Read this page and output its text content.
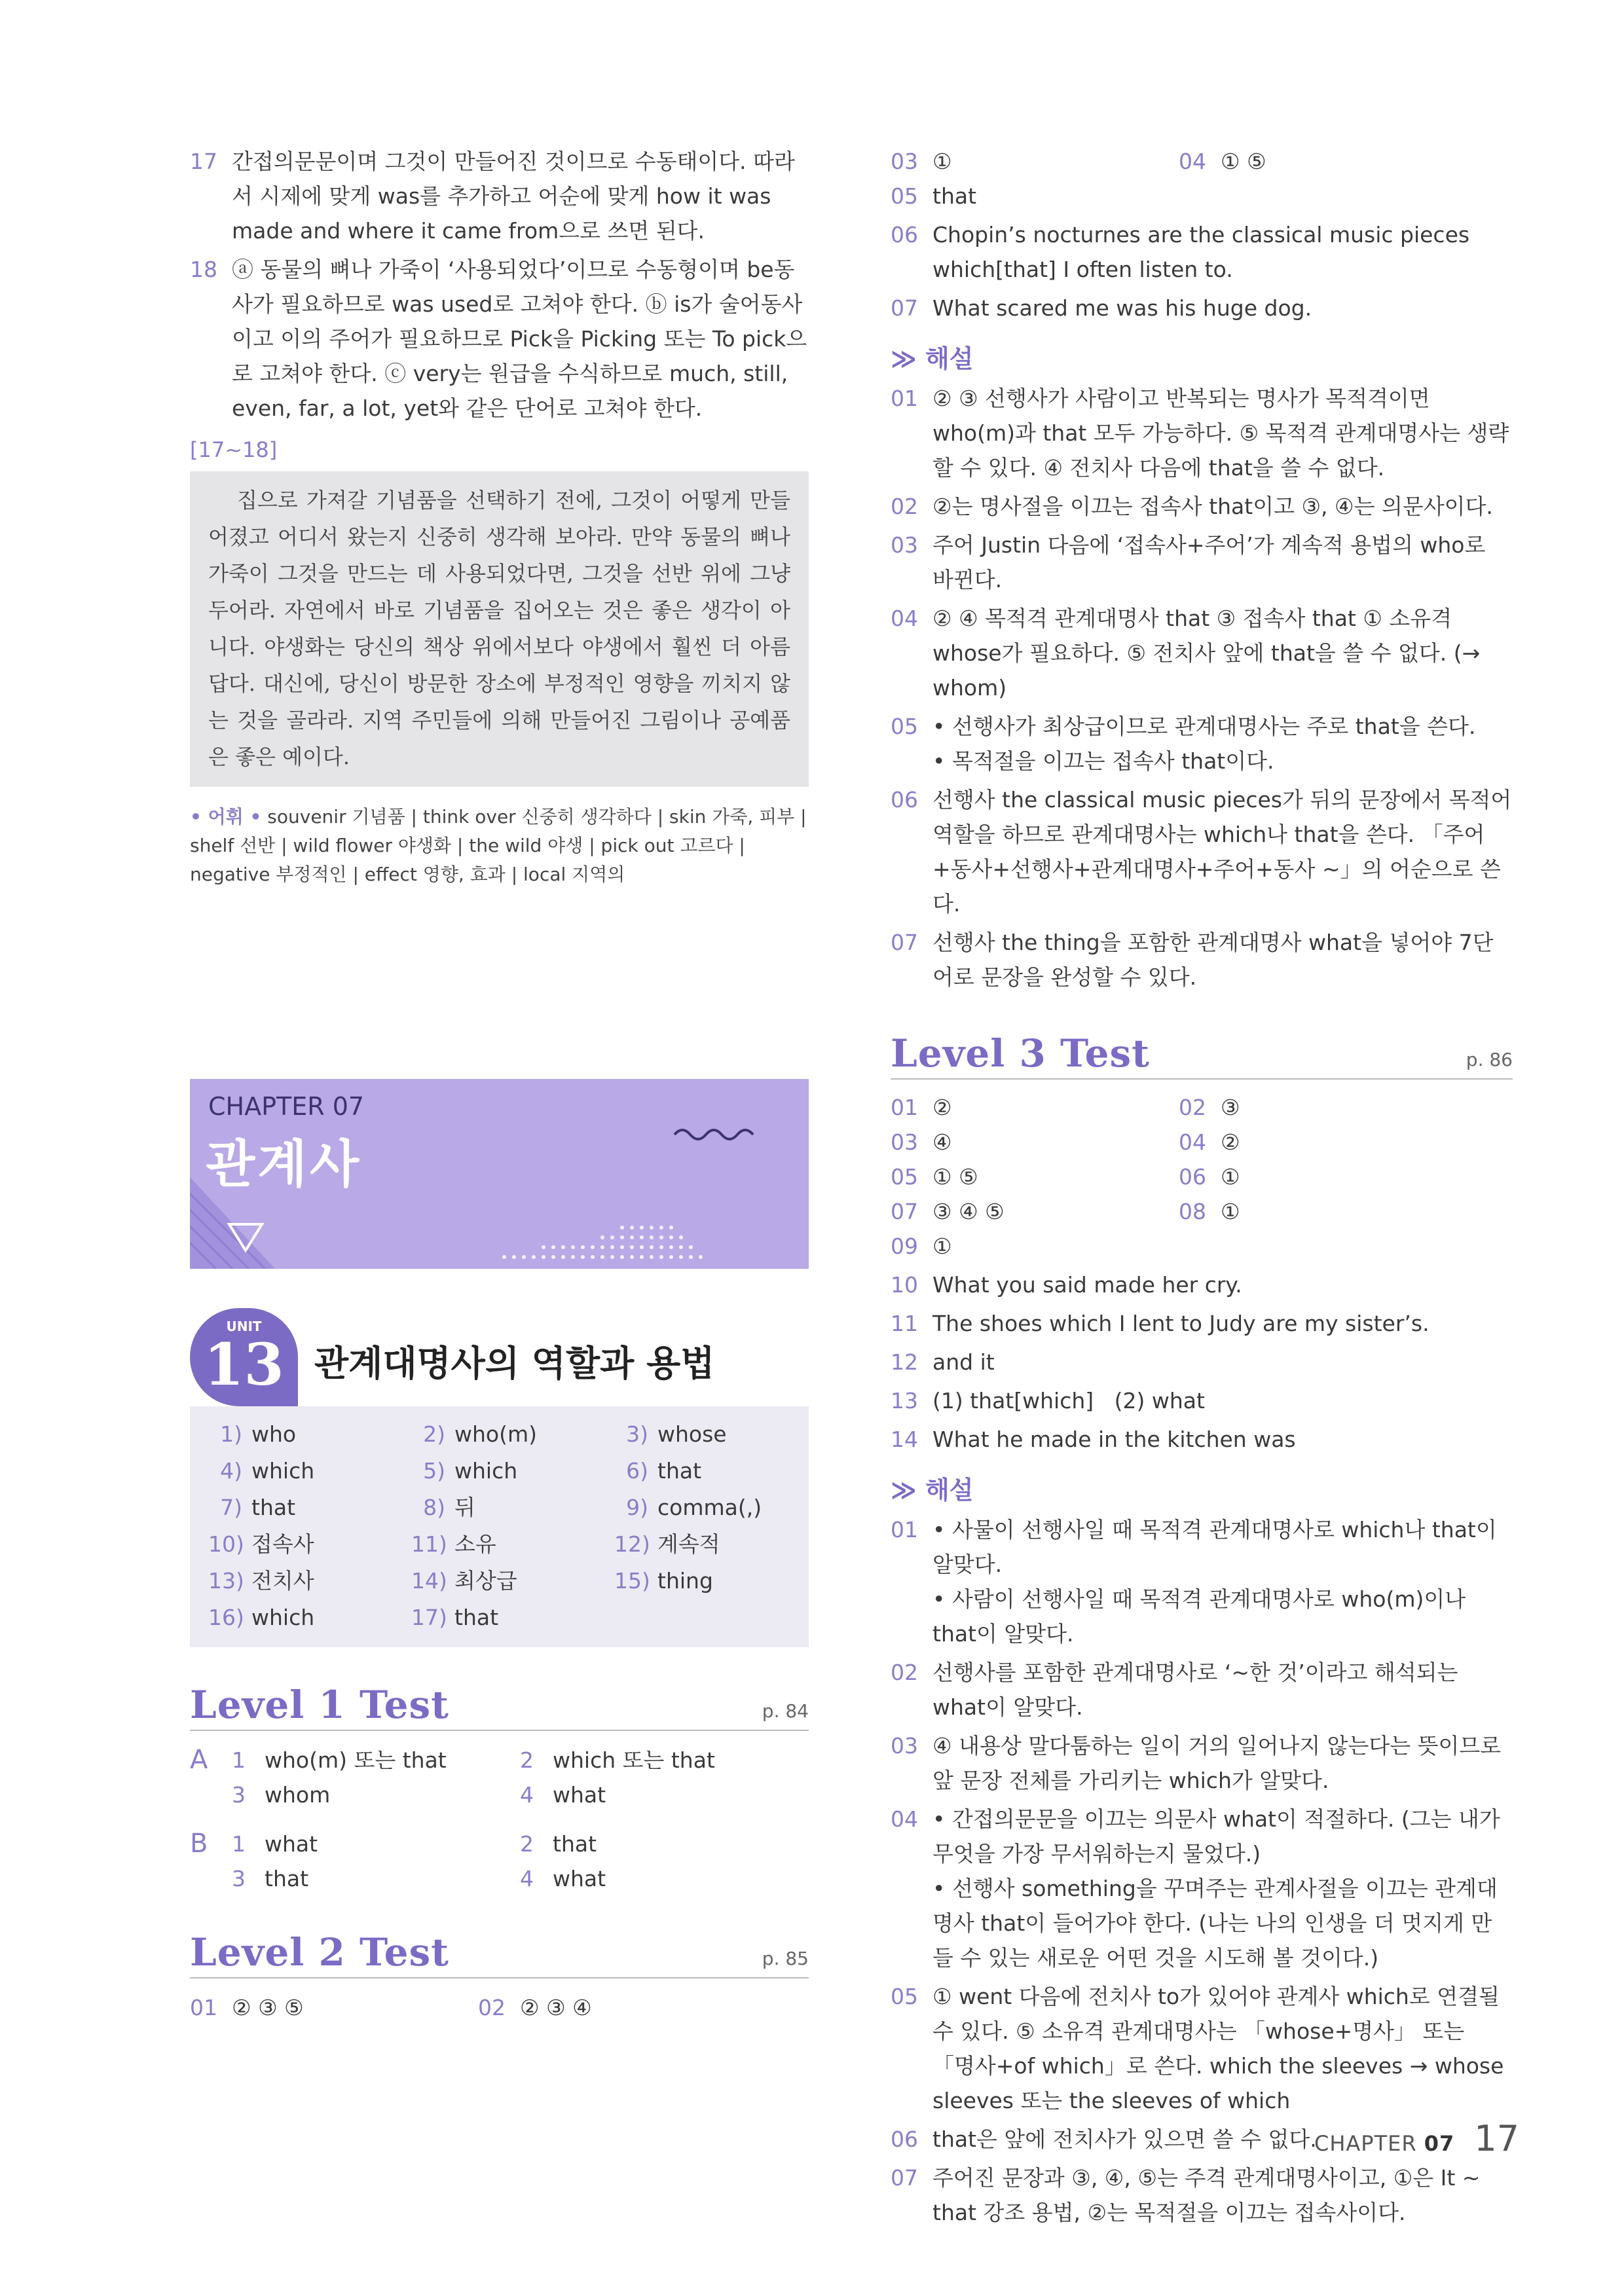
17 간접의문문이며 그것이 만들어진 것이므로 수동태이다. 따라서 시제에 맞게 was를 추가하고 어순에 맞게 how it was made and where it came from으로 쓰면 된다.
18 ⓐ 동물의 뼈나 가죽이 ‘사용되었다’이므로 수동형이며 be동사가 필요하므로 was used로 고쳐야 한다. ⓑ is가 술어동사이고 이의 주어가 필요하므로 Pick을 Picking 또는 To pick으로 고쳐야 한다. ⓒ very는 원급을 수식하므로 much, still, even, far, a lot, yet와 같은 단어로 고쳐야 한다.
[17~18]
집으로 가져갈 기념품을 선택하기 전에, 그것이 어떻게 만들어졌고 어디서 왔는지 신중히 생각해 보아라. 만약 동물의 뼈나 가죽이 그것을 만드는 데 사용되었다면, 그것을 선반 위에 그냥 두어라. 자연에서 바로 기념품을 집어오는 것은 좋은 생각이 아니다. 야생화는 당신의 책상 위에서보다 야생에서 훨씬 더 아름답다. 대신에, 당신이 방문한 장소에 부정적인 영향을 끼치지 않는 것을 골라라. 지역 주민들에 의해 만들어진 그림이나 공예품은 좋은 예이다.
• 어휘 • souvenir 기념품 | think over 신중히 생각하다 | skin 가죽, 피부 | shelf 선반 | wild flower 야생화 | the wild 야생 | pick out 고르다 | negative 부정적인 | effect 영향, 효과 | local 지역의
CHAPTER 07
관계사
UNIT
13 관계대명사의 역할과 용법
1) who	2) who(m)	3) whose
4) which	5) which	6) that
7) that	8) 뒤	9) comma(,)
10) 접속사	11) 소유	12) 계속적
13) 전치사	14) 최상급	15) thing
16) which	17) that
Level 1 Test	p. 84
A	1 who(m) 또는 that	2 which 또는 that
3 whom	4 what
B	1 what	2 that
3 that	4 what
Level 2 Test	p. 85
01 ② ③ ⑤	02 ② ③ ④
03 ①	04 ① ⑤
05 that
06 Chopin’s nocturnes are the classical music pieces which[that] I often listen to.
07 What scared me was his huge dog.
≫ 해설
01 ② ③ 선행사가 사람이고 반복되는 명사가 목적격이면 who(m)과 that 모두 가능하다. ⑤ 목적격 관계대명사는 생략할 수 있다. ④ 전치사 다음에 that을 쓸 수 없다.
02 ②는 명사절을 이끄는 접속사 that이고 ③, ④는 의문사이다.
03 주어 Justin 다음에 ‘접속사+주어’가 계속적 용법의 who로 바뀐다.
04 ② ④ 목적격 관계대명사 that ③ 접속사 that ① 소유격 whose가 필요하다. ⑤ 전치사 앞에 that을 쓸 수 없다. (→ whom)
05	• 선행사가 최상급이므로 관계대명사는 주로 that을 쓴다.
• 목적절을 이끄는 접속사 that이다.
06 선행사 the classical music pieces가 뒤의 문장에서 목적어 역할을 하므로 관계대명사는 which나 that을 쓴다. 「주어+동사+선행사+관계대명사+주어+동사 ~」의 어순으로 쓴다.
07 선행사 the thing을 포함한 관계대명사 what을 넣어야 7단어로 문장을 완성할 수 있다.
Level 3 Test	p. 86
01 ②	02 ③
03 ④	04 ②
05 ① ⑤	06 ①
07 ③ ④ ⑤	08 ①
09 ①
10 What you said made her cry.
11 The shoes which I lent to Judy are my sister’s.
12 and it
13 (1) that[which]   (2) what
14 What he made in the kitchen was
≫ 해설
01	• 사물이 선행사일 때 목적격 관계대명사로 which나 that이 알맞다.
• 사람이 선행사일 때 목적격 관계대명사로 who(m)이나 that이 알맞다.
02 선행사를 포함한 관계대명사로 ‘~한 것’이라고 해석되는 what이 알맞다.
03 ④ 내용상 말다툼하는 일이 거의 일어나지 않는다는 뜻이므로 앞 문장 전체를 가리키는 which가 알맞다.
04	• 간접의문문을 이끄는 의문사 what이 적절하다. (그는 내가 무엇을 가장 무서워하는지 물었다.)
• 선행사 something을 꾸며주는 관계사절을 이끄는 관계대명사 that이 들어가야 한다. (나는 나의 인생을 더 멋지게 만들 수 있는 새로운 어떤 것을 시도해 볼 것이다.)
05 ① went 다음에 전치사 to가 있어야 관계사 which로 연결될 수 있다. ⑤ 소유격 관계대명사는 「whose+명사」 또는 「명사+of which」로 쓴다. which the sleeves → whose sleeves 또는 the sleeves of which
06 that은 앞에 전치사가 있으면 쓸 수 없다.
07 주어진 문장과 ③, ④, ⑤는 주격 관계대명사이고, ①은 It ~ that 강조 용법, ②는 목적절을 이끄는 접속사이다.
CHAPTER 07 17
